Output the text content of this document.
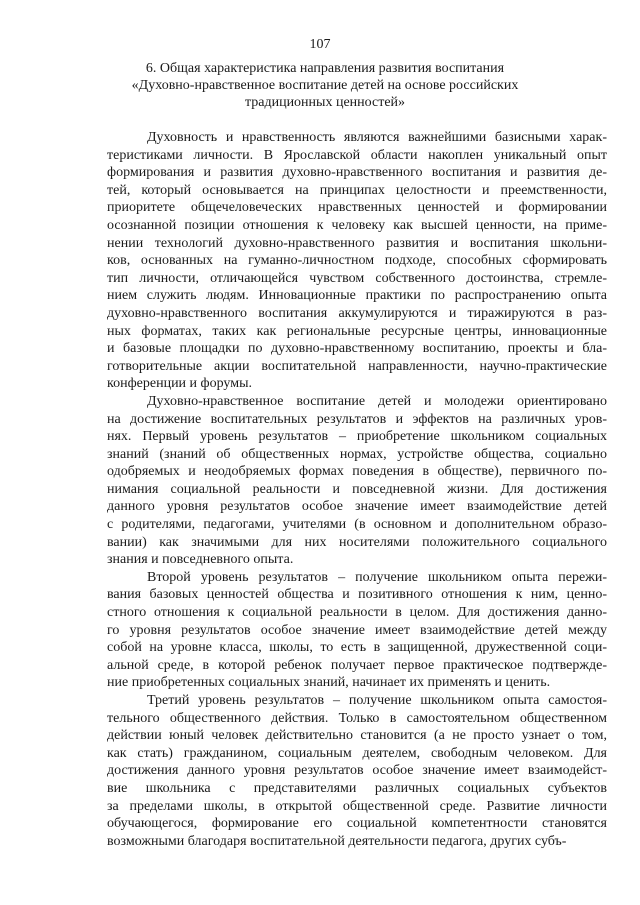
107
6. Общая характеристика направления развития воспитания
«Духовно-нравственное воспитание детей на основе российских
традиционных ценностей»
Духовность и нравственность являются важнейшими базисными харак-
теристиками личности. В Ярославской области накоплен уникальный опыт
формирования и развития духовно-нравственного воспитания и развития де-
тей, который основывается на принципах целостности и преемственности,
приоритете общечеловеческих нравственных ценностей и формировании
осознанной позиции отношения к человеку как высшей ценности, на приме-
нении технологий духовно-нравственного развития и воспитания школьни-
ков, основанных на гуманно-личностном подходе, способных сформировать
тип личности, отличающейся чувством собственного достоинства, стремле-
нием служить людям. Инновационные практики по распространению опыта
духовно-нравственного воспитания аккумулируются и тиражируются в раз-
ных форматах, таких как региональные ресурсные центры, инновационные
и базовые площадки по духовно-нравственному воспитанию, проекты и бла-
готворительные акции воспитательной направленности, научно-практические
конференции и форумы.
Духовно-нравственное воспитание детей и молодежи ориентировано
на достижение воспитательных результатов и эффектов на различных уров-
нях. Первый уровень результатов – приобретение школьником социальных
знаний (знаний об общественных нормах, устройстве общества, социально
одобряемых и неодобряемых формах поведения в обществе), первичного по-
нимания социальной реальности и повседневной жизни. Для достижения
данного уровня результатов особое значение имеет взаимодействие детей
с родителями, педагогами, учителями (в основном и дополнительном образо-
вании) как значимыми для них носителями положительного социального
знания и повседневного опыта.
Второй уровень результатов – получение школьником опыта пережи-
вания базовых ценностей общества и позитивного отношения к ним, ценно-
стного отношения к социальной реальности в целом. Для достижения данно-
го уровня результатов особое значение имеет взаимодействие детей между
собой на уровне класса, школы, то есть в защищенной, дружественной соци-
альной среде, в которой ребенок получает первое практическое подтвержде-
ние приобретенных социальных знаний, начинает их применять и ценить.
Третий уровень результатов – получение школьником опыта самостоя-
тельного общественного действия. Только в самостоятельном общественном
действии юный человек действительно становится (а не просто узнает о том,
как стать) гражданином, социальным деятелем, свободным человеком. Для
достижения данного уровня результатов особое значение имеет взаимодейст-
вие школьника с представителями различных социальных субъектов
за пределами школы, в открытой общественной среде. Развитие личности
обучающегося, формирование его социальной компетентности становятся
возможными благодаря воспитательной деятельности педагога, других субъ-
